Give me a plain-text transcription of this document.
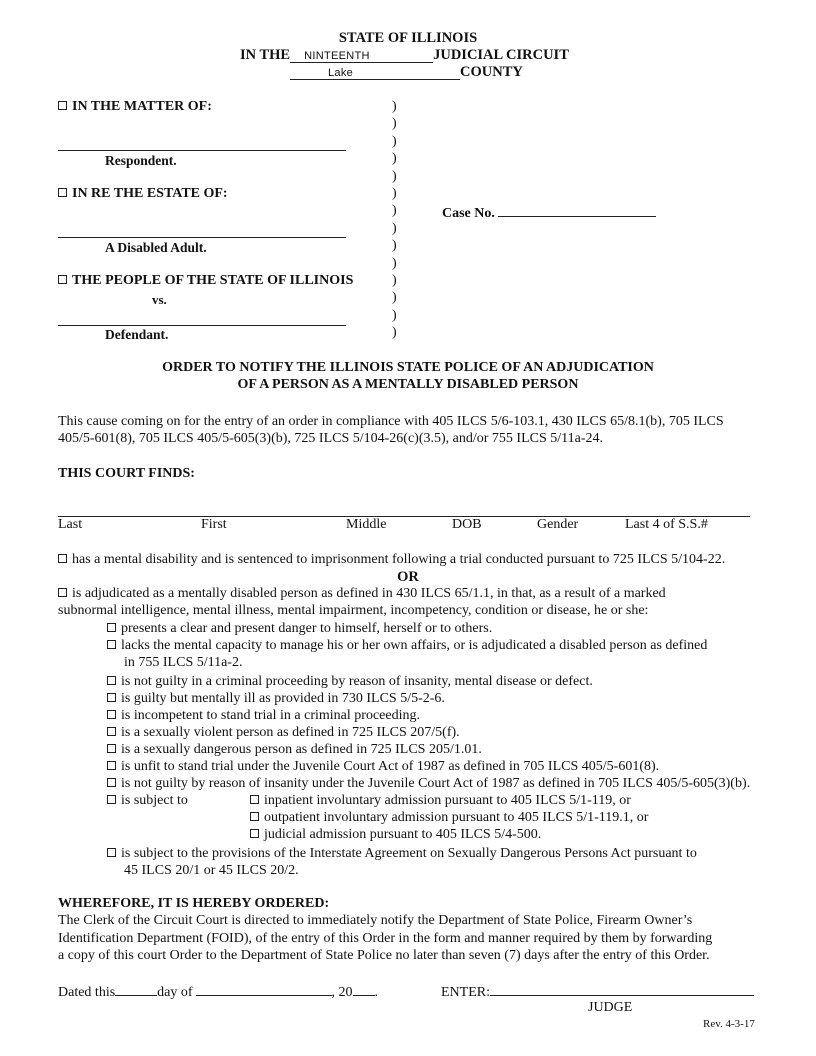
STATE OF ILLINOIS
IN THE NINTEENTH	JUDICIAL CIRCUIT
Lake	COUNTY
IN THE MATTER OF:
Respondent.
IN RE THE ESTATE OF:
A Disabled Adult.
THE PEOPLE OF THE STATE OF ILLINOIS
vs.
Defendant.
)
)
)
)
)
)
)
)
)
)
)
)
)
)
Case No.
ORDER TO NOTIFY THE ILLINOIS STATE POLICE OF AN ADJUDICATION
OF A PERSON AS A MENTALLY DISABLED PERSON
This cause coming on for the entry of an order in compliance with 405 ILCS 5/6-103.1, 430 ILCS 65/8.1(b), 705 ILCS 405/5-601(8), 705 ILCS 405/5-605(3)(b), 725 ILCS 5/104-26(c)(3.5), and/or 755 ILCS 5/11a-24.
THIS COURT FINDS:
Last	First	Middle	DOB	Gender	Last 4 of S.S.#
has a mental disability and is sentenced to imprisonment following a trial conducted pursuant to 725 ILCS 5/104-22.
OR
is adjudicated as a mentally disabled person as defined in 430 ILCS 65/1.1, in that, as a result of a marked
subnormal intelligence, mental illness, mental impairment, incompetency, condition or disease, he or she:
presents a clear and present danger to himself, herself or to others.
lacks the mental capacity to manage his or her own affairs, or is adjudicated a disabled person as defined
in 755 ILCS 5/11a-2.
is not guilty in a criminal proceeding by reason of insanity, mental disease or defect.
is guilty but mentally ill as provided in 730 ILCS 5/5-2-6.
is incompetent to stand trial in a criminal proceeding.
is a sexually violent person as defined in 725 ILCS 207/5(f).
is a sexually dangerous person as defined in 725 ILCS 205/1.01.
is unfit to stand trial under the Juvenile Court Act of 1987 as defined in 705 ILCS 405/5-601(8).
is not guilty by reason of insanity under the Juvenile Court Act of 1987 as defined in 705 ILCS 405/5-605(3)(b).
is subject to	inpatient involuntary admission pursuant to 405 ILCS 5/1-119, or
outpatient involuntary admission pursuant to 405 ILCS 5/1-119.1, or
judicial admission pursuant to 405 ILCS 5/4-500.
is subject to the provisions of the Interstate Agreement on Sexually Dangerous Persons Act pursuant to
45 ILCS 20/1 or 45 ILCS 20/2.
WHEREFORE, IT IS HEREBY ORDERED:
The Clerk of the Circuit Court is directed to immediately notify the Department of State Police, Firearm Owner’s
Identification Department (FOID), of the entry of this Order in the form and manner required by them by forwarding
a copy of this court Order to the Department of State Police no later than seven (7) days after the entry of this Order.
Dated this	day of	, 20 .	ENTER:
JUDGE
Rev. 4-3-17
